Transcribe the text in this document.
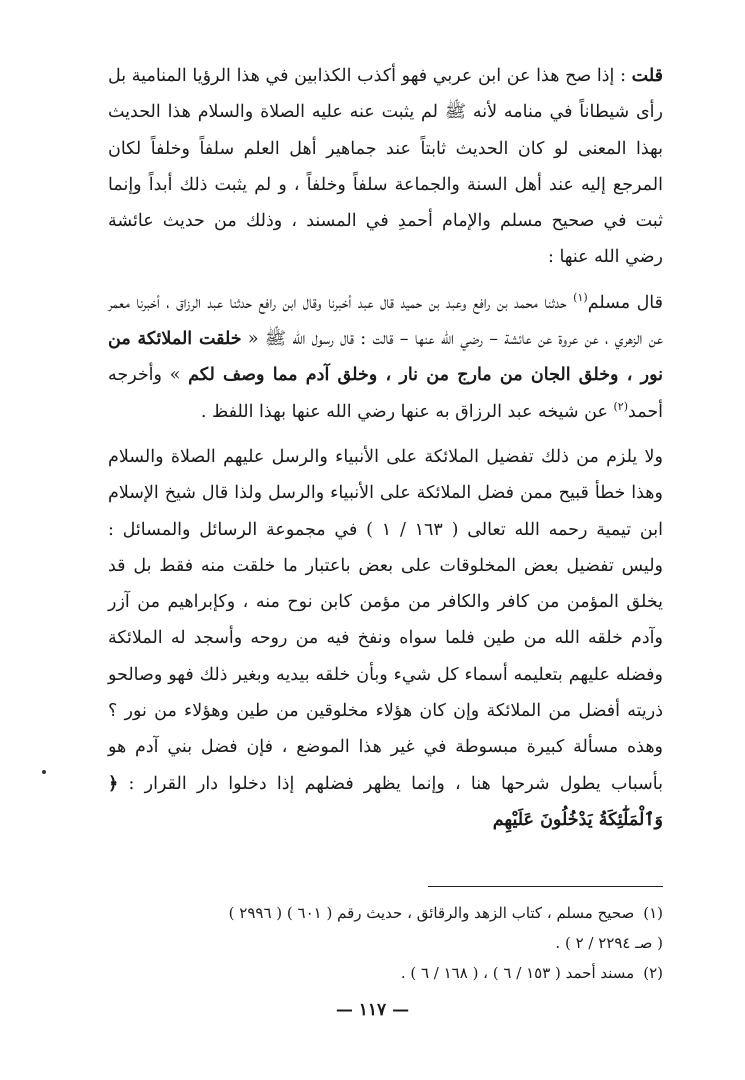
قلت : إذا صح هذا عن ابن عربي فهو أكذب الكذابين في هذا الرؤيا المنامية بل رأى شيطاناً في منامه لأنه ﷺ لم يثبت عنه عليه الصلاة والسلام هذا الحديث بهذا المعنى لو كان الحديث ثابتاً عند جماهير أهل العلم سلفاً وخلفاً لكان المرجع إليه عند أهل السنة والجماعة سلفاً وخلفاً ، و لم يثبت ذلك أبداً وإنما ثبت في صحيح مسلم والإمام أحمدِ في المسند ، وذلك من حديث عائشة رضي الله عنها :

قال مسلم$^{(١)}$ حدثنا محمد بن رافع وعبد بن حميد قال عبد أخبرنا وقال ابن رافع حدثنا عبد الرزاق ، أخبرنا معمر عن الزهري ، عن عروة عن عائشة – رضي الله عنها – قالت : قال رسول الله ﷺ « خلقت الملائكة من نور ، وخلق الجان من مارج من نار ، وخلق آدم مما وصف لكم » وأخرجه أحمد$^{(٢)}$ عن شيخه عبد الرزاق به عنها رضي الله عنها بهذا اللفظ .

ولا يلزم من ذلك تفضيل الملائكة على الأنبياء والرسل عليهم الصلاة والسلام وهذا خطأ قبيح ممن فضل الملائكة على الأنبياء والرسل ولذا قال شيخ الإسلام ابن تيمية رحمه الله تعالى ( ١٦٣ / ١ ) في مجموعة الرسائل والمسائل : وليس تفضيل بعض المخلوقات على بعض باعتبار ما خلقت منه فقط بل قد يخلق المؤمن من كافر والكافر من مؤمن كابن نوح منه ، وكإبراهيم من آزر وآدم خلقه الله من طين فلما سواه ونفخ فيه من روحه وأسجد له الملائكة وفضله عليهم بتعليمه أسماء كل شيء وبأن خلقه بيديه وبغير ذلك فهو وصالحو ذريته أفضل من الملائكة وإن كان هؤلاء مخلوقين من طين وهؤلاء من نور ؟ وهذه مسألة كبيرة مبسوطة في غير هذا الموضع ، فإن فضل بني آدم هو بأسباب يطول شرحها هنا ، وإنما يظهر فضلهم إذا دخلوا دار القرار : ﴿ وَٱلْمَلَٰٓئِكَةُ يَدْخُلُونَ عَلَيْهِم

(١) صحيح مسلم ، كتاب الزهد والرقائق ، حديث رقم ( ٦٠١ ) ( ٢٩٩٦ )

( صـ ٢٢٩٤ / ٢ ) .

(٢) مسند أحمد ( ١٥٣ / ٦ ) ، ( ١٦٨ / ٦ ) .

— ١١٧ —
